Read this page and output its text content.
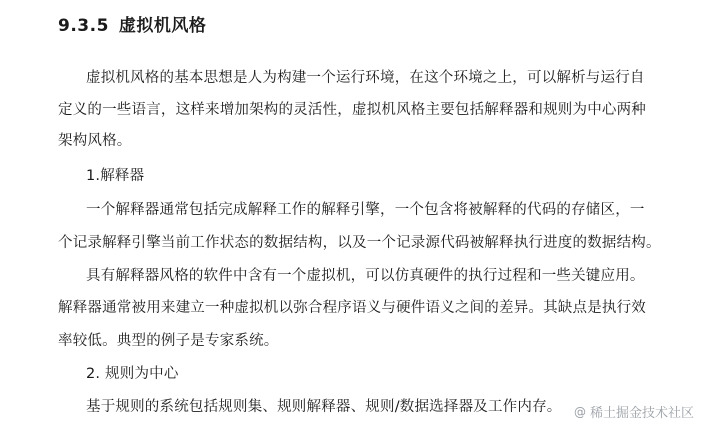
9.3.5 虚拟机风格
虚拟机风格的基本思想是人为构建一个运行环境，在这个环境之上，可以解析与运行自
定义的一些语言，这样来增加架构的灵活性，虚拟机风格主要包括解释器和规则为中心两种
架构风格。
1.解释器
一个解释器通常包括完成解释工作的解释引擎，一个包含将被解释的代码的存储区，一
个记录解释引擎当前工作状态的数据结构，以及一个记录源代码被解释执行进度的数据结构。
具有解释器风格的软件中含有一个虚拟机，可以仿真硬件的执行过程和一些关键应用。
解释器通常被用来建立一种虚拟机以弥合程序语义与硬件语义之间的差异。其缺点是执行效
率较低。典型的例子是专家系统。
2. 规则为中心
基于规则的系统包括规则集、规则解释器、规则/数据选择器及工作内存。 @ 稀土掘金技术社区
